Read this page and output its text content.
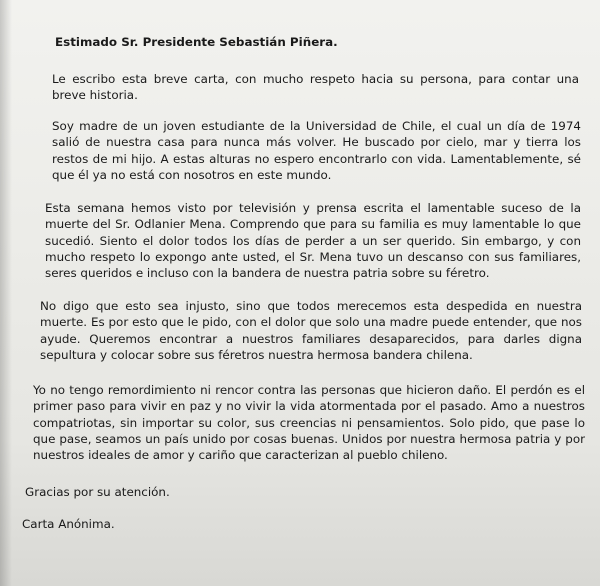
Estimado Sr. Presidente Sebastián Piñera.

Le escribo esta breve carta, con mucho respeto hacia su persona, para contar una breve historia.

Soy madre de un joven estudiante de la Universidad de Chile, el cual un día de 1974 salió de nuestra casa para nunca más volver. He buscado por cielo, mar y tierra los restos de mi hijo. A estas alturas no espero encontrarlo con vida. Lamentablemente, sé que él ya no está con nosotros en este mundo.

Esta semana hemos visto por televisión y prensa escrita el lamentable suceso de la muerte del Sr. Odlanier Mena. Comprendo que para su familia es muy lamentable lo que sucedió. Siento el dolor todos los días de perder a un ser querido. Sin embargo, y con mucho respeto lo expongo ante usted, el Sr. Mena tuvo un descanso con sus familiares, seres queridos e incluso con la bandera de nuestra patria sobre su féretro.

No digo que esto sea injusto, sino que todos merecemos esta despedida en nuestra muerte. Es por esto que le pido, con el dolor que solo una madre puede entender, que nos ayude. Queremos encontrar a nuestros familiares desaparecidos, para darles digna sepultura y colocar sobre sus féretros nuestra hermosa bandera chilena.

Yo no tengo remordimiento ni rencor contra las personas que hicieron daño. El perdón es el primer paso para vivir en paz y no vivir la vida atormentada por el pasado. Amo a nuestros compatriotas, sin importar su color, sus creencias ni pensamientos. Solo pido, que pase lo que pase, seamos un país unido por cosas buenas. Unidos por nuestra hermosa patria y por nuestros ideales de amor y cariño que caracterizan al pueblo chileno.

Gracias por su atención.
Carta Anónima.
